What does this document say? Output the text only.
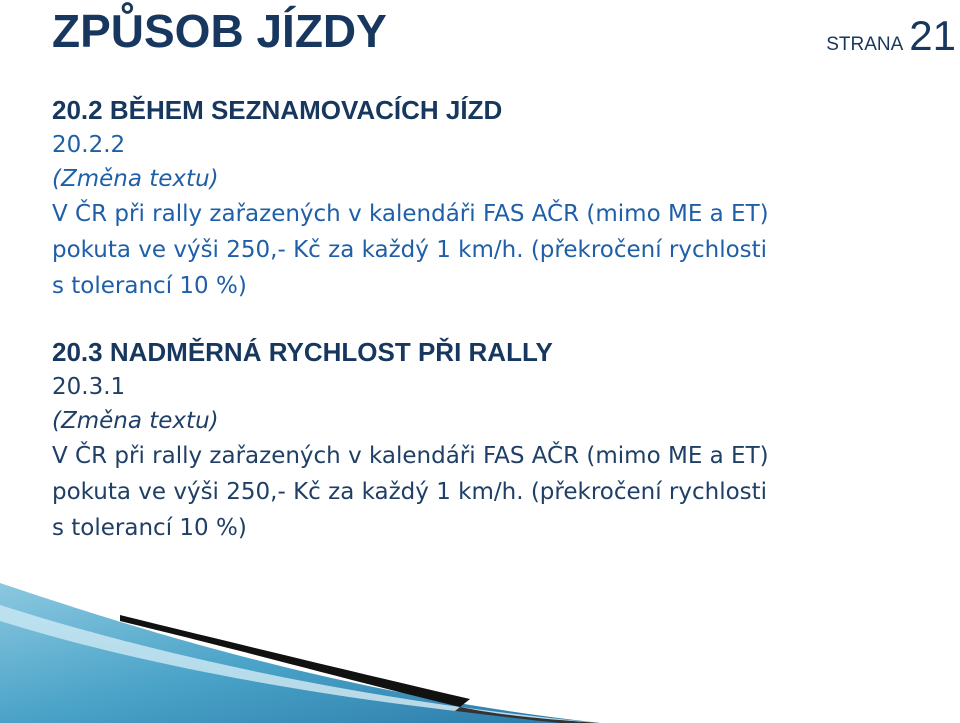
ZPŮSOB JÍZDY	STRANA 21
20.2 BĚHEM SEZNAMOVACÍCH JÍZD
20.2.2
(Změna textu)
V ČR při rally zařazených v kalendáři FAS AČR (mimo ME a ET)
pokuta ve výši 250,- Kč za každý 1 km/h. (překročení rychlosti
s tolerancí 10 %)
20.3 NADMĚRNÁ RYCHLOST PŘI RALLY
20.3.1
(Změna textu)
V ČR při rally zařazených v kalendáři FAS AČR (mimo ME a ET)
pokuta ve výši 250,- Kč za každý 1 km/h. (překročení rychlosti
s tolerancí 10 %)
